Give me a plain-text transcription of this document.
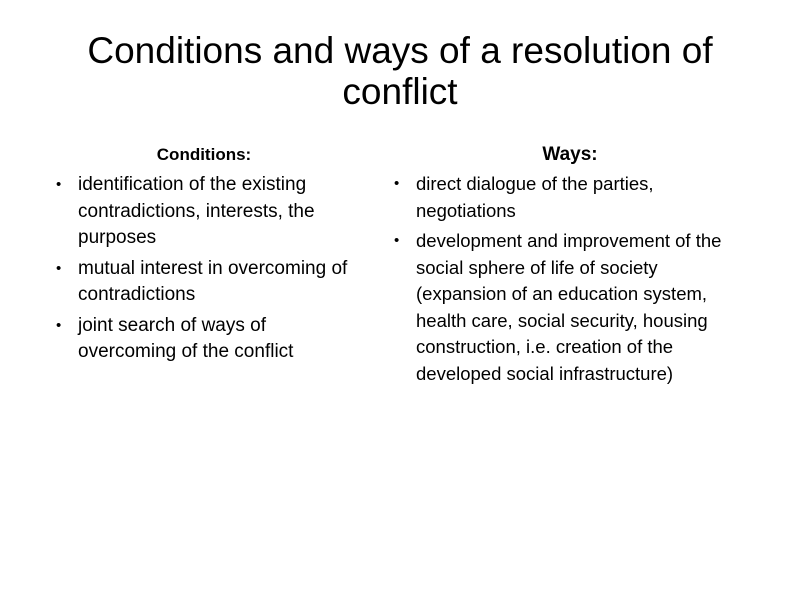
Conditions and ways of a resolution of conflict
Conditions:
• identification of the existing contradictions, interests, the purposes
• mutual interest in overcoming of contradictions
• joint search of ways of overcoming of the conflict
Ways:
• direct dialogue of the parties, negotiations
• development and improvement of the social sphere of life of society (expansion of an education system, health care, social security, housing construction, i.e. creation of the developed social infrastructure)
